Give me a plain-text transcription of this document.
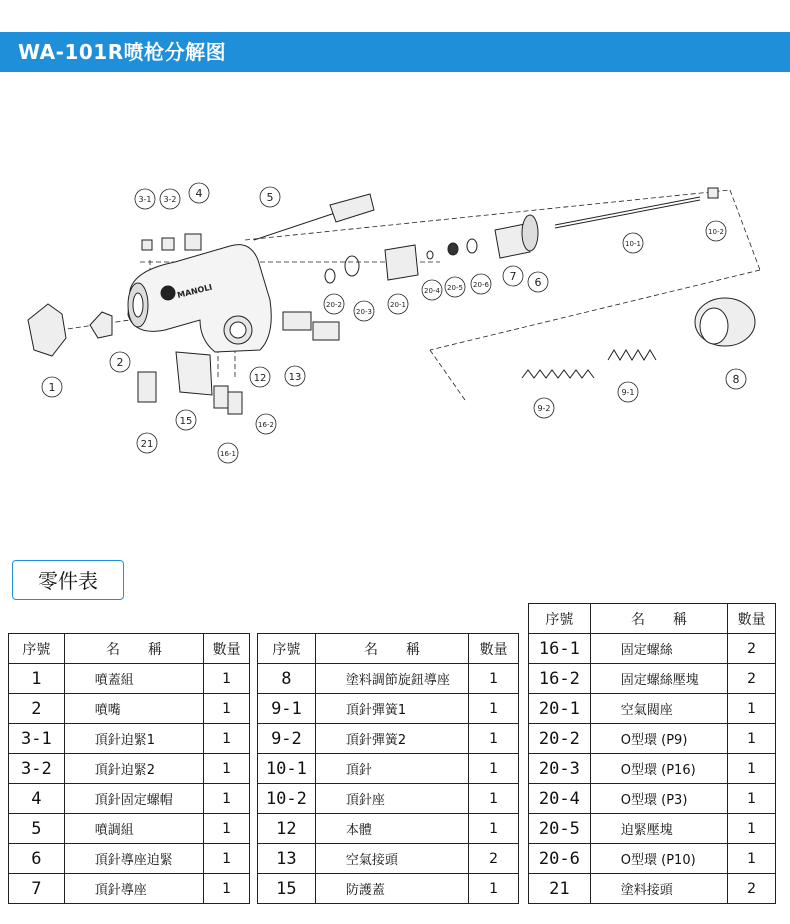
WA-101R喷枪分解图
MANOLI
1
2
3-1 3-2 4	5
6
7
8
9-1
9-2
10-1
10-2
12 13
15
16-1
16-2
20-1
20-2
20-3
20-4 20-5 20-6
21
零件表
序號	名　　稱	數量
1	噴蓋組	1
2	噴嘴	1
3-1	頂針迫緊1	1
3-2	頂針迫緊2	1
4	頂針固定螺帽	1
5	噴調組	1
6	頂針導座迫緊	1
7	頂針導座	1
序號	名　　稱	數量
8	塗料調節旋鈕導座	1
9-1	頂針彈簧1	1
9-2	頂針彈簧2	1
10-1	頂針	1
10-2	頂針座	1
12	本體	1
13	空氣接頭	2
15	防護蓋	1
序號	名　　稱	數量
16-1	固定螺絲	2
16-2	固定螺絲壓塊	2
20-1	空氣閥座	1
20-2	O型環 (P9)	1
20-3	O型環 (P16)	1
20-4	O型環 (P3)	1
20-5	迫緊壓塊	1
20-6	O型環 (P10)	1
21	塗料接頭	2
